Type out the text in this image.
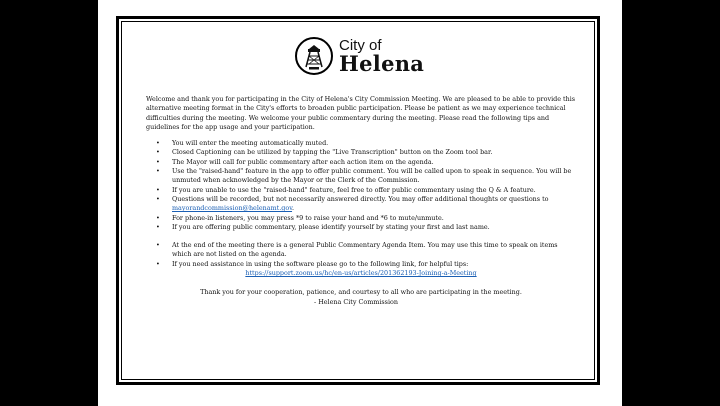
City of
Helena

Welcome and thank you for participating in the City of Helena's City Commission Meeting. We are pleased to be able to provide this alternative meeting format in the City's efforts to broaden public participation. Please be patient as we may experience technical difficulties during the meeting. We welcome your public commentary during the meeting. Please read the following tips and guidelines for the app usage and your participation.

• You will enter the meeting automatically muted.
• Closed Captioning can be utilized by tapping the "Live Transcription" button on the Zoom tool bar.
• The Mayor will call for public commentary after each action item on the agenda.
• Use the "raised-hand" feature in the app to offer public comment. You will be called upon to speak in sequence. You will be unmuted when acknowledged by the Mayor or the Clerk of the Commission.
• If you are unable to use the "raised-hand" feature, feel free to offer public commentary using the Q & A feature.
• Questions will be recorded, but not necessarily answered directly. You may offer additional thoughts or questions to
mayorandcommission@helenamt.gov.
• For phone-in listeners, you may press *9 to raise your hand and *6 to mute/unmute.
• If you are offering public commentary, please identify yourself by stating your first and last name.
• At the end of the meeting there is a general Public Commentary Agenda Item. You may use this time to speak on items which are not listed on the agenda.
• If you need assistance in using the software please go to the following link, for helpful tips:
https://support.zoom.us/hc/en-us/articles/201362193-Joining-a-Meeting
Thank you for your cooperation, patience, and courtesy to all who are participating in the meeting.
- Helena City Commission
